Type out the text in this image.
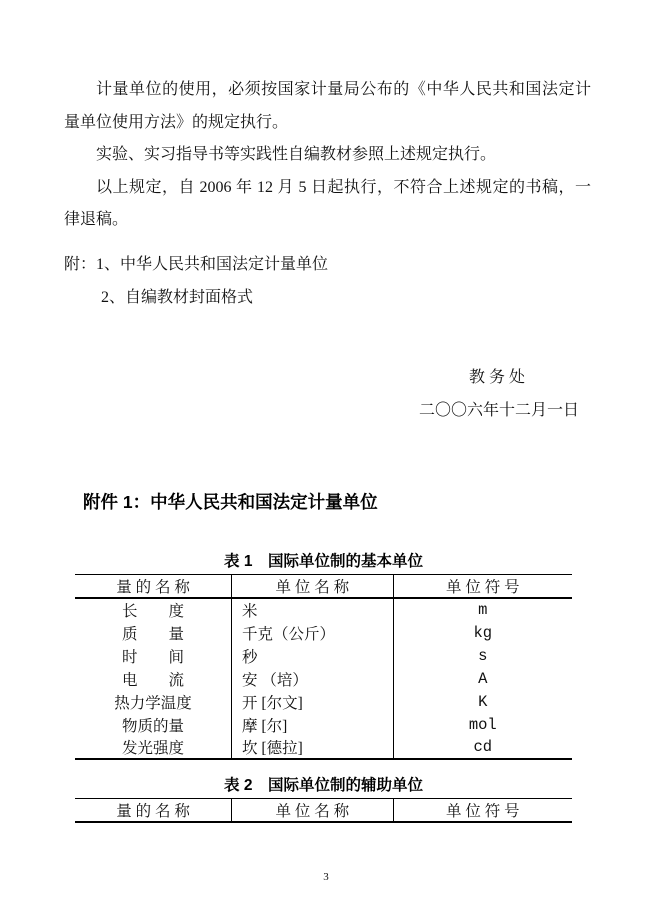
计量单位的使用，必须按国家计量局公布的《中华人民共和国法定计量单位使用方法》的规定执行。

实验、实习指导书等实践性自编教材参照上述规定执行。

以上规定，自 2006 年 12 月 5 日起执行，不符合上述规定的书稿，一律退稿。

附：1、中华人民共和国法定计量单位

2、自编教材封面格式

教 务 处

二〇〇六年十二月一日

附件 1：中华人民共和国法定计量单位
表 1　国际单位制的基本单位
量 的 名 称	单 位 名 称	单 位 符 号
长　　度	米	m
质　　量	千克（公斤）	kg
时　　间	秒	s
电　　流	安 （培）	A
热力学温度	开 [尔文]	K
物质的量	摩 [尔]	mol
发光强度	坎 [德拉]	cd
表 2　国际单位制的辅助单位
量 的 名 称	单 位 名 称	单 位 符 号
3
